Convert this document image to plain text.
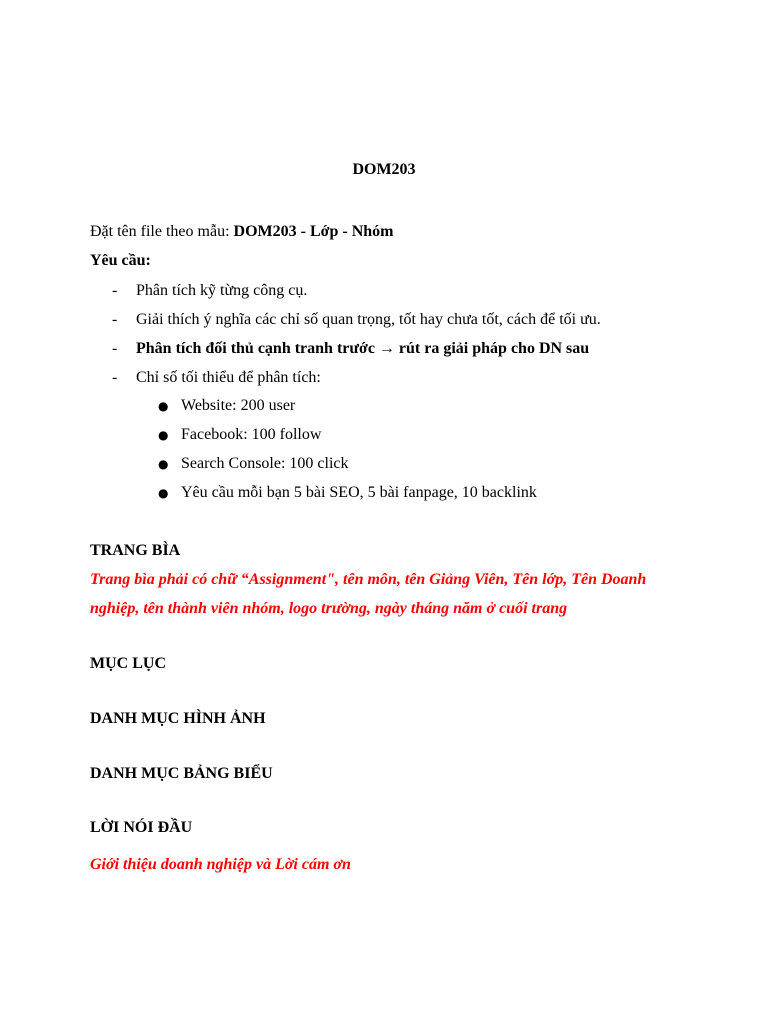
DOM203
Đặt tên file theo mẫu: DOM203 - Lớp - Nhóm
Yêu cầu:
- Phân tích kỹ từng công cụ.
- Giải thích ý nghĩa các chỉ số quan trọng, tốt hay chưa tốt, cách để tối ưu.
- Phân tích đối thủ cạnh tranh trước → rút ra giải pháp cho DN sau
- Chỉ số tối thiểu để phân tích:
● Website: 200 user
● Facebook: 100 follow
● Search Console: 100 click
● Yêu cầu mỗi bạn 5 bài SEO, 5 bài fanpage, 10 backlink
TRANG BÌA
Trang bìa phải có chữ “Assignment", tên môn, tên Giảng Viên, Tên lớp, Tên Doanh
nghiệp, tên thành viên nhóm, logo trường, ngày tháng năm ở cuối trang
MỤC LỤC
DANH MỤC HÌNH ẢNH
DANH MỤC BẢNG BIỂU
LỜI NÓI ĐẦU
Giới thiệu doanh nghiệp và Lời cám ơn
